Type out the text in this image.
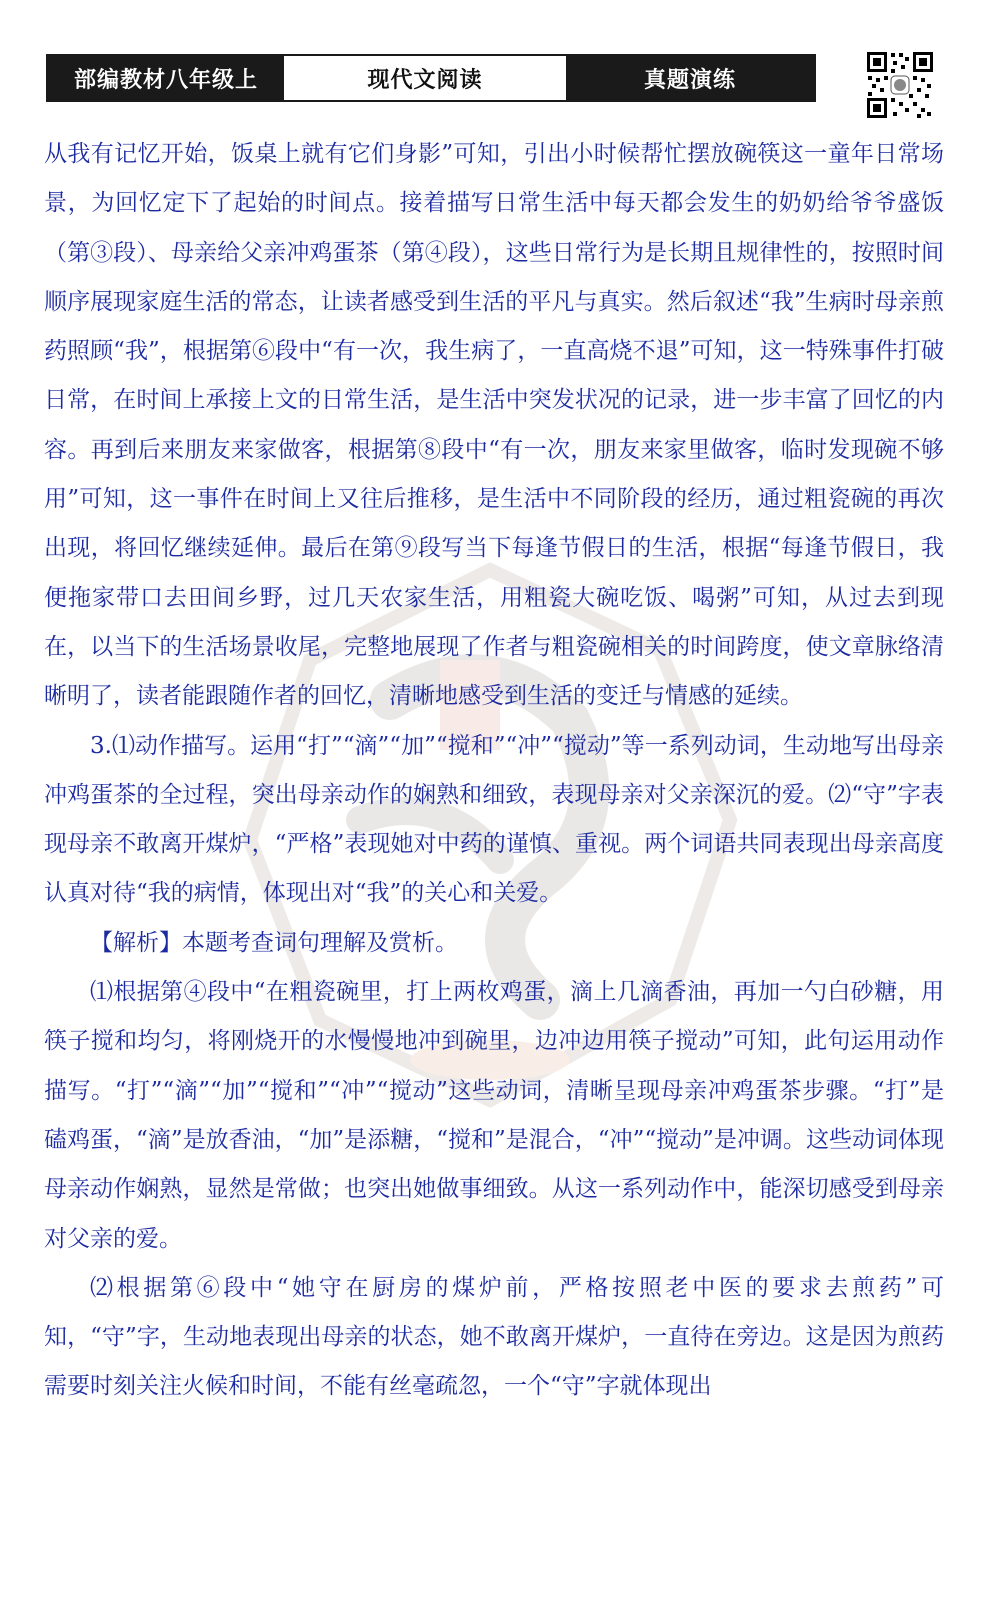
部编教材八年级上	现代文阅读	真题演练

从我有记忆开始，饭桌上就有它们身影”可知，引出小时候帮忙摆放碗筷这一童年日常场景，为回忆定下了起始的时间点。接着描写日常生活中每天都会发生的奶奶给爷爷盛饭（第③段）、母亲给父亲冲鸡蛋茶（第④段），这些日常行为是长期且规律性的，按照时间顺序展现家庭生活的常态，让读者感受到生活的平凡与真实。然后叙述“我”生病时母亲煎药照顾“我”，根据第⑥段中“有一次，我生病了，一直高烧不退”可知，这一特殊事件打破日常，在时间上承接上文的日常生活，是生活中突发状况的记录，进一步丰富了回忆的内容。再到后来朋友来家做客，根据第⑧段中“有一次，朋友来家里做客，临时发现碗不够用”可知，这一事件在时间上又往后推移，是生活中不同阶段的经历，通过粗瓷碗的再次出现，将回忆继续延伸。最后在第⑨段写当下每逢节假日的生活，根据“每逢节假日，我便拖家带口去田间乡野，过几天农家生活，用粗瓷大碗吃饭、喝粥”可知，从过去到现在，以当下的生活场景收尾，完整地展现了作者与粗瓷碗相关的时间跨度，使文章脉络清晰明了，读者能跟随作者的回忆，清晰地感受到生活的变迁与情感的延续。

3.⑴动作描写。运用“打”“滴”“加”“搅和”“冲”“搅动”等一系列动词，生动地写出母亲冲鸡蛋茶的全过程，突出母亲动作的娴熟和细致，表现母亲对父亲深沉的爱。⑵“守”字表现母亲不敢离开煤炉，“严格”表现她对中药的谨慎、重视。两个词语共同表现出母亲高度认真对待“我的病情，体现出对“我”的关心和关爱。

【解析】本题考查词句理解及赏析。

⑴根据第④段中“在粗瓷碗里，打上两枚鸡蛋，滴上几滴香油，再加一勺白砂糖，用筷子搅和均匀，将刚烧开的水慢慢地冲到碗里，边冲边用筷子搅动”可知，此句运用动作描写。“打”“滴”“加”“搅和”“冲”“搅动”这些动词，清晰呈现母亲冲鸡蛋茶步骤。“打”是磕鸡蛋，“滴”是放香油，“加”是添糖，“搅和”是混合，“冲”“搅动”是冲调。这些动词体现母亲动作娴熟，显然是常做；也突出她做事细致。从这一系列动作中，能深切感受到母亲对父亲的爱。

⑵根据第⑥段中“她守在厨房的煤炉前，严格按照老中医的要求去煎药”可知，“守”字，生动地表现出母亲的状态，她不敢离开煤炉，一直待在旁边。这是因为煎药需要时刻关注火候和时间，不能有丝毫疏忽，一个“守”字就体现出
